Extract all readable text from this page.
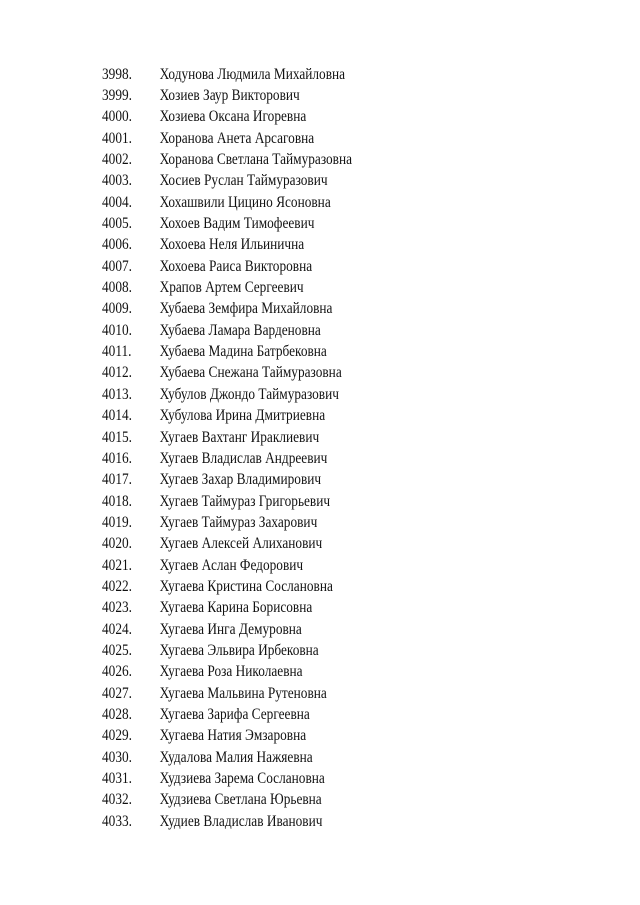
3998.	Ходунова Людмила Михайловна
3999.	Хозиев Заур Викторович
4000.	Хозиева Оксана Игоревна
4001.	Хоранова Анета Арсаговна
4002.	Хоранова Светлана Таймуразовна
4003.	Хосиев Руслан Таймуразович
4004.	Хохашвили Цицино Ясоновна
4005.	Хохоев Вадим Тимофеевич
4006.	Хохоева Неля Ильинична
4007.	Хохоева Раиса Викторовна
4008.	Храпов Артем Сергеевич
4009.	Хубаева Земфира Михайловна
4010.	Хубаева Ламара Варденовна
4011.	Хубаева Мадина Батрбековна
4012.	Хубаева Снежана Таймуразовна
4013.	Хубулов Джондо Таймуразович
4014.	Хубулова Ирина Дмитриевна
4015.	Хугаев Вахтанг Ираклиевич
4016.	Хугаев Владислав Андреевич
4017.	Хугаев Захар Владимирович
4018.	Хугаев Таймураз Григорьевич
4019.	Хугаев Таймураз Захарович
4020.	Хугаев Алексей Алиханович
4021.	Хугаев Аслан Федорович
4022.	Хугаева Кристина Сослановна
4023.	Хугаева Карина Борисовна
4024.	Хугаева Инга Демуровна
4025.	Хугаева Эльвира Ирбековна
4026.	Хугаева Роза Николаевна
4027.	Хугаева Мальвина Рутеновна
4028.	Хугаева Зарифа Сергеевна
4029.	Хугаева Натия Эмзаровна
4030.	Худалова Малия Нажяевна
4031.	Худзиева Зарема Сослановна
4032.	Худзиева Светлана Юрьевна
4033.	Худиев Владислав Иванович
